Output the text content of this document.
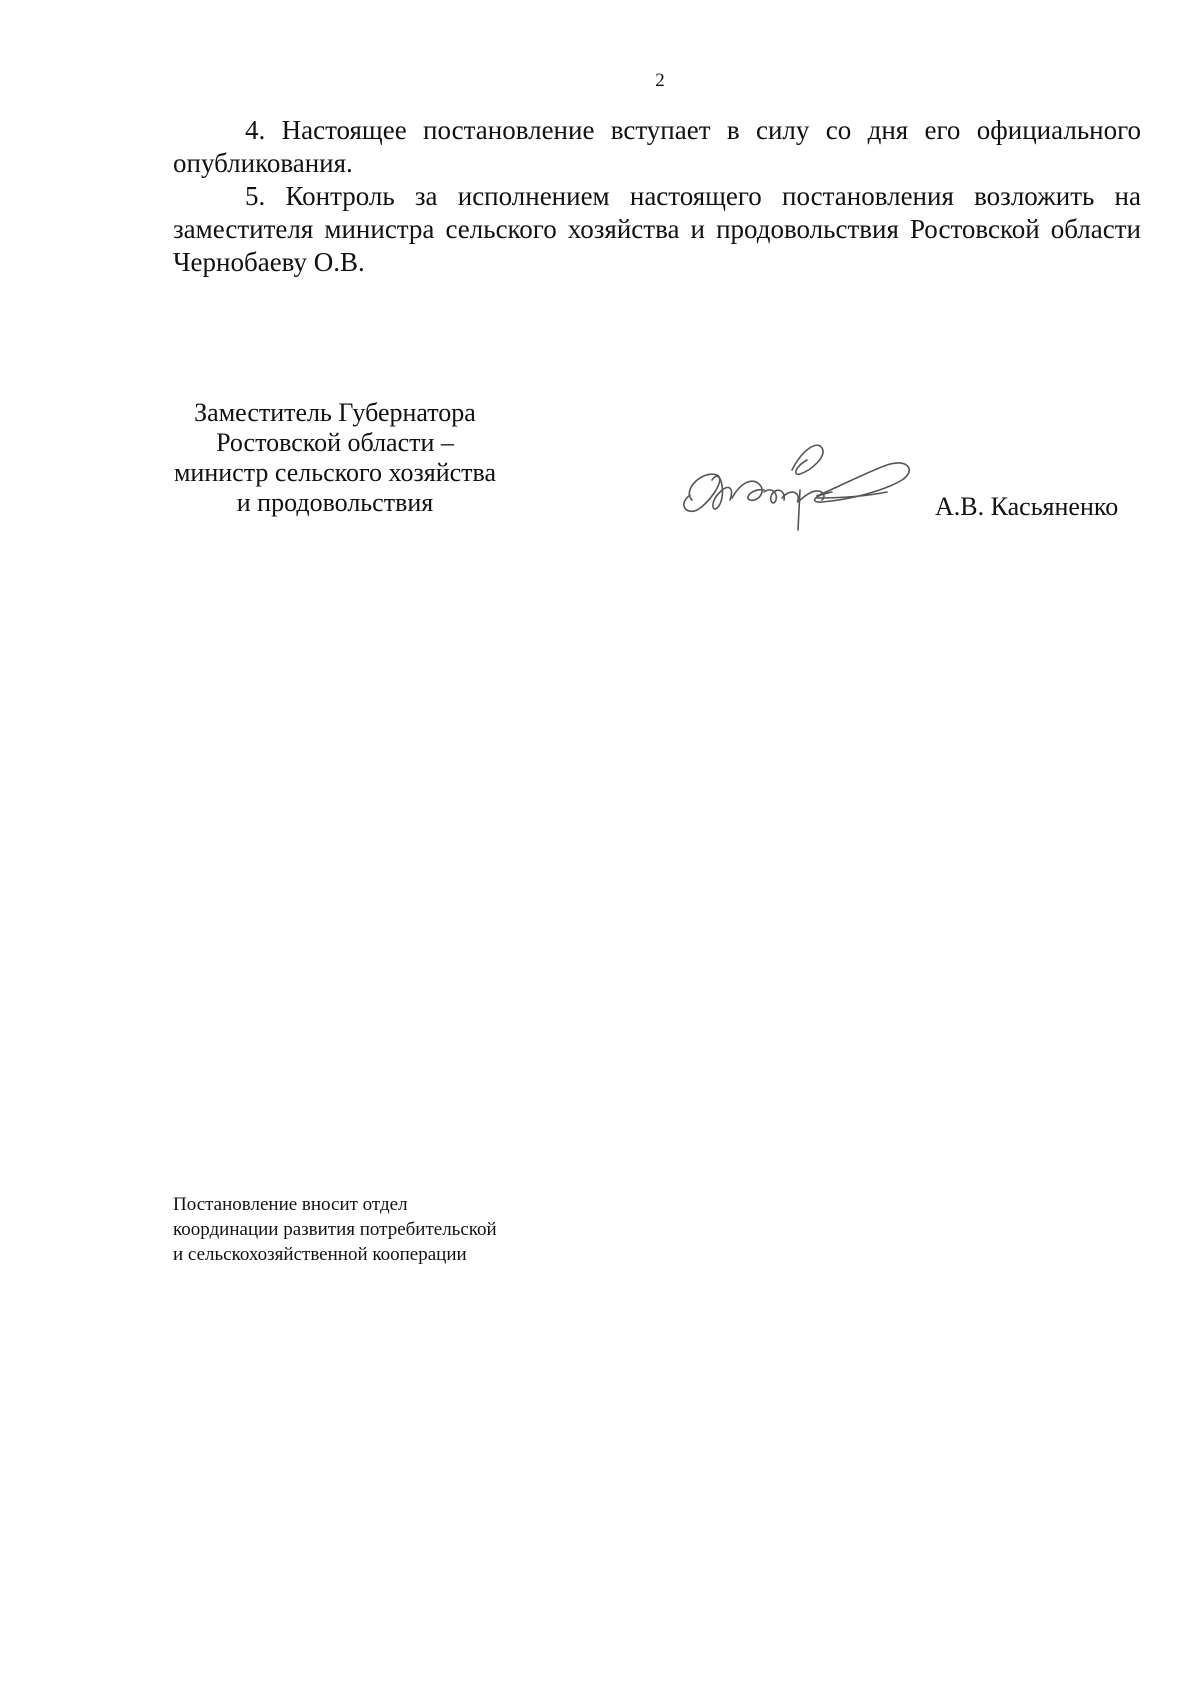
2

4. Настоящее постановление вступает в силу со дня его официального опубликования.

5. Контроль за исполнением настоящего постановления возложить на заместителя министра сельского хозяйства и продовольствия Ростовской области Чернобаеву О.В.

Заместитель Губернатора
Ростовской области –
министр сельского хозяйства
и продовольствия	А.В. Касьяненко
Постановление вносит отдел
координации развития потребительской
и сельскохозяйственной кооперации
